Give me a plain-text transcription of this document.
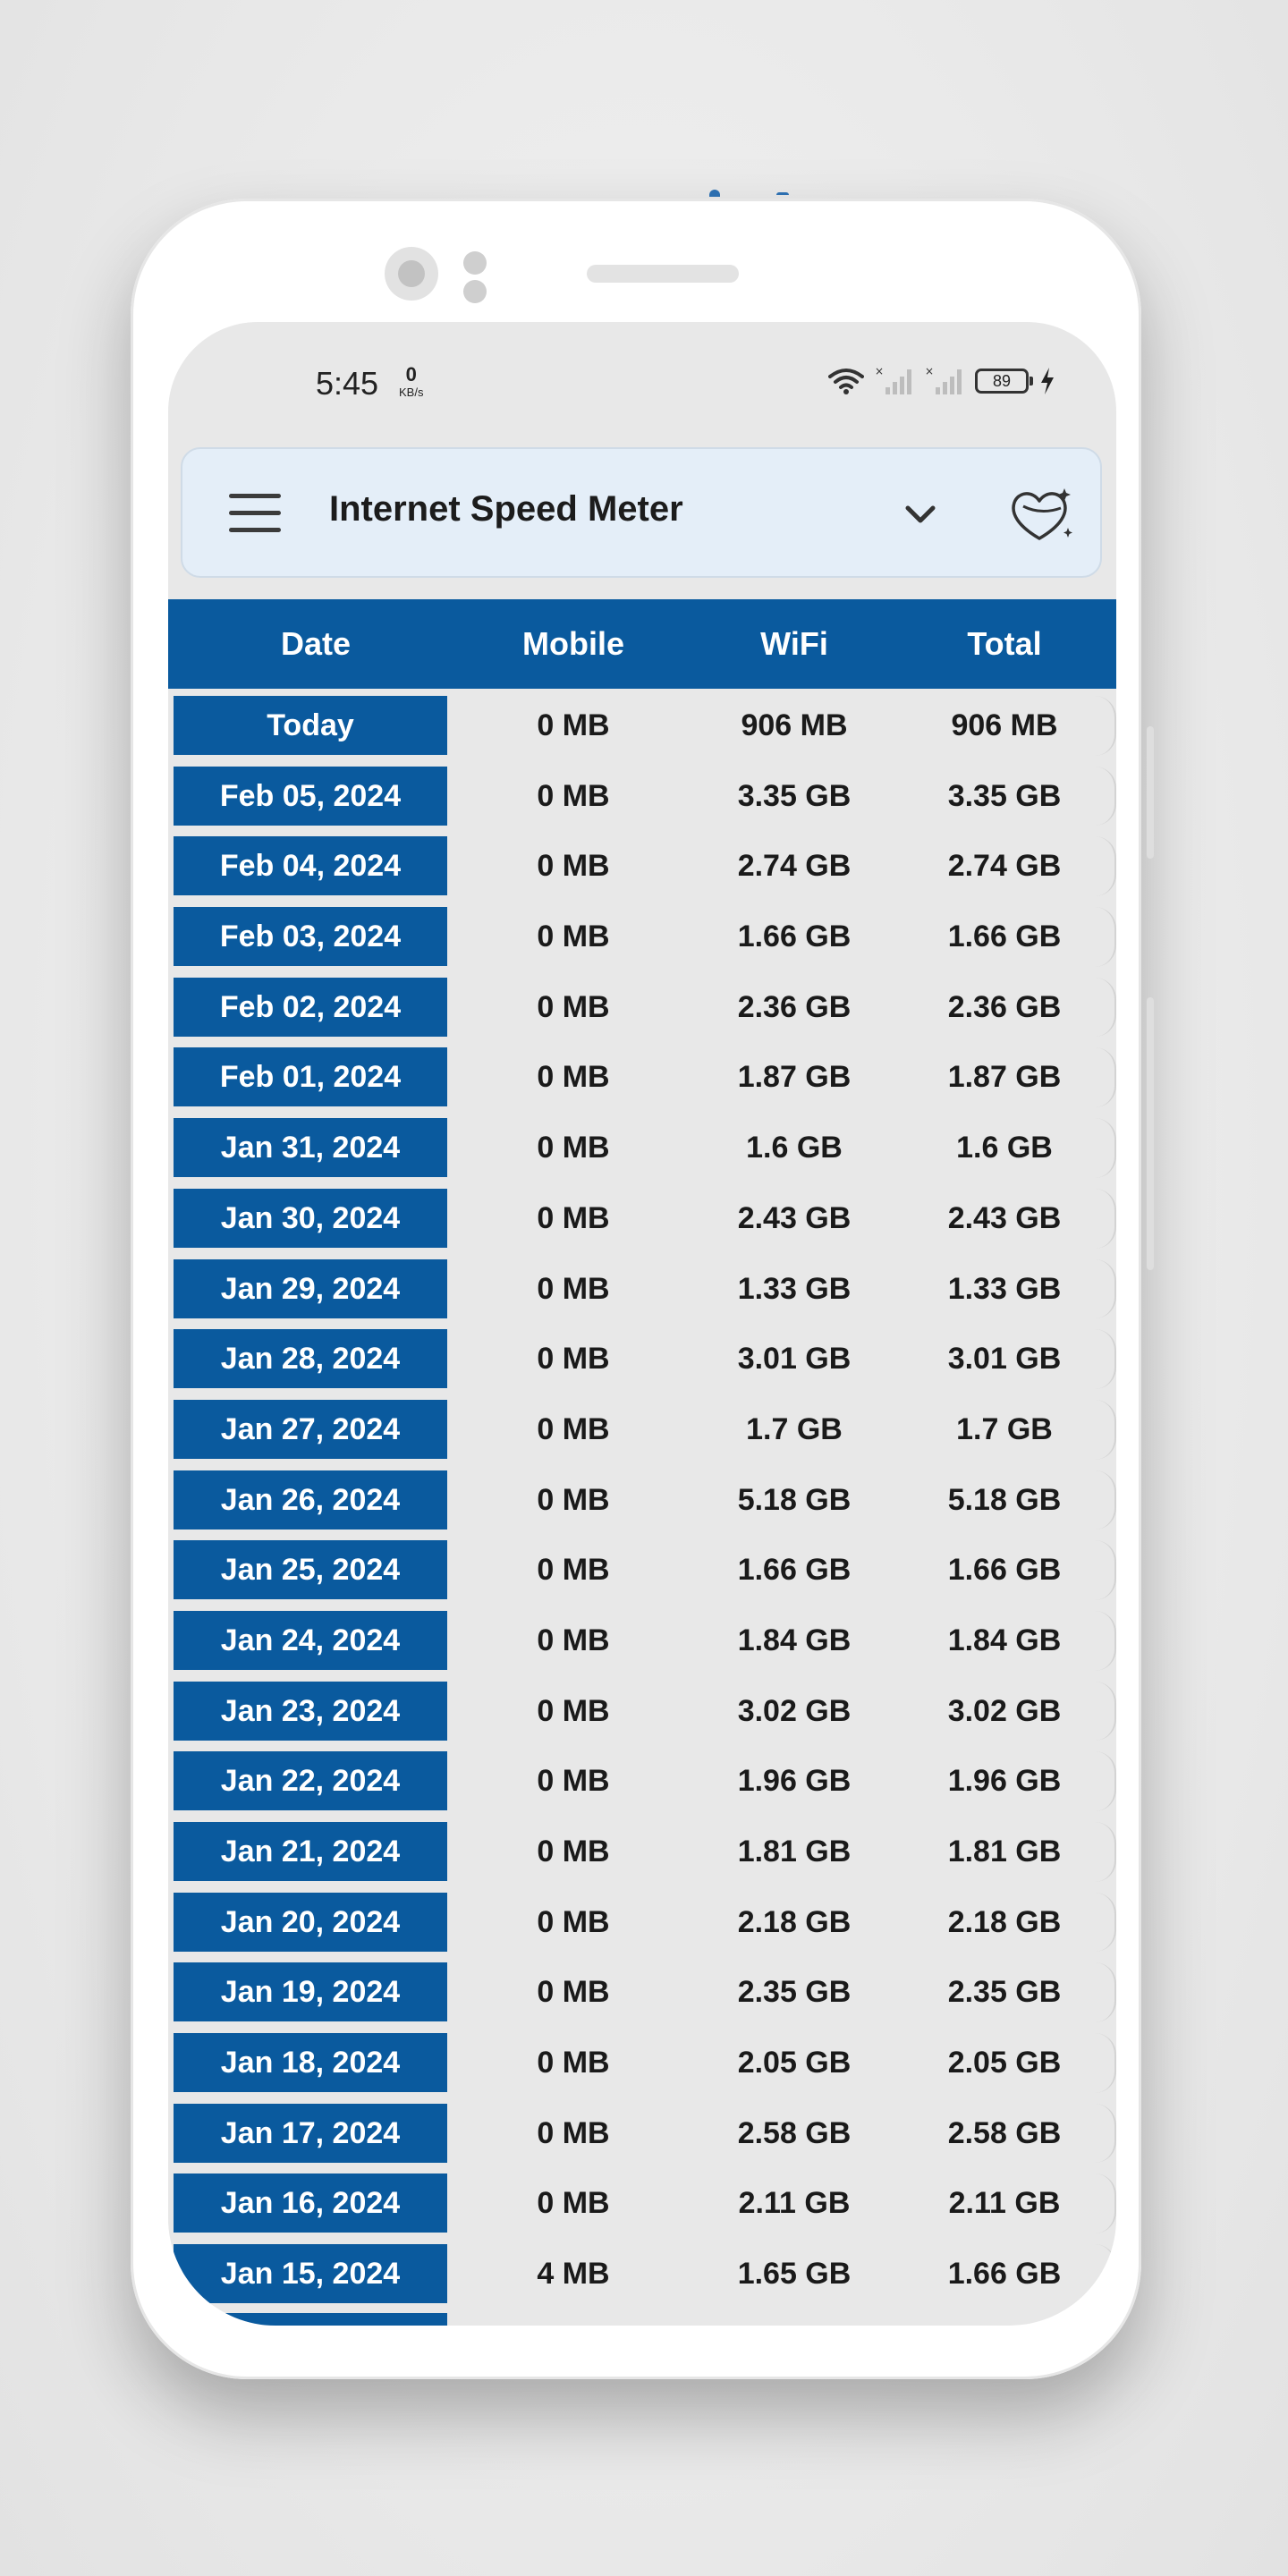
5:45	0
KB/s
×	×
89
Internet Speed Meter
Date	Mobile	WiFi	Total
Today	0 MB	906 MB	906 MB
Feb 05, 2024	0 MB	3.35 GB	3.35 GB
Feb 04, 2024	0 MB	2.74 GB	2.74 GB
Feb 03, 2024	0 MB	1.66 GB	1.66 GB
Feb 02, 2024	0 MB	2.36 GB	2.36 GB
Feb 01, 2024	0 MB	1.87 GB	1.87 GB
Jan 31, 2024	0 MB	1.6 GB	1.6 GB
Jan 30, 2024	0 MB	2.43 GB	2.43 GB
Jan 29, 2024	0 MB	1.33 GB	1.33 GB
Jan 28, 2024	0 MB	3.01 GB	3.01 GB
Jan 27, 2024	0 MB	1.7 GB	1.7 GB
Jan 26, 2024	0 MB	5.18 GB	5.18 GB
Jan 25, 2024	0 MB	1.66 GB	1.66 GB
Jan 24, 2024	0 MB	1.84 GB	1.84 GB
Jan 23, 2024	0 MB	3.02 GB	3.02 GB
Jan 22, 2024	0 MB	1.96 GB	1.96 GB
Jan 21, 2024	0 MB	1.81 GB	1.81 GB
Jan 20, 2024	0 MB	2.18 GB	2.18 GB
Jan 19, 2024	0 MB	2.35 GB	2.35 GB
Jan 18, 2024	0 MB	2.05 GB	2.05 GB
Jan 17, 2024	0 MB	2.58 GB	2.58 GB
Jan 16, 2024	0 MB	2.11 GB	2.11 GB
Jan 15, 2024	4 MB	1.65 GB	1.66 GB
